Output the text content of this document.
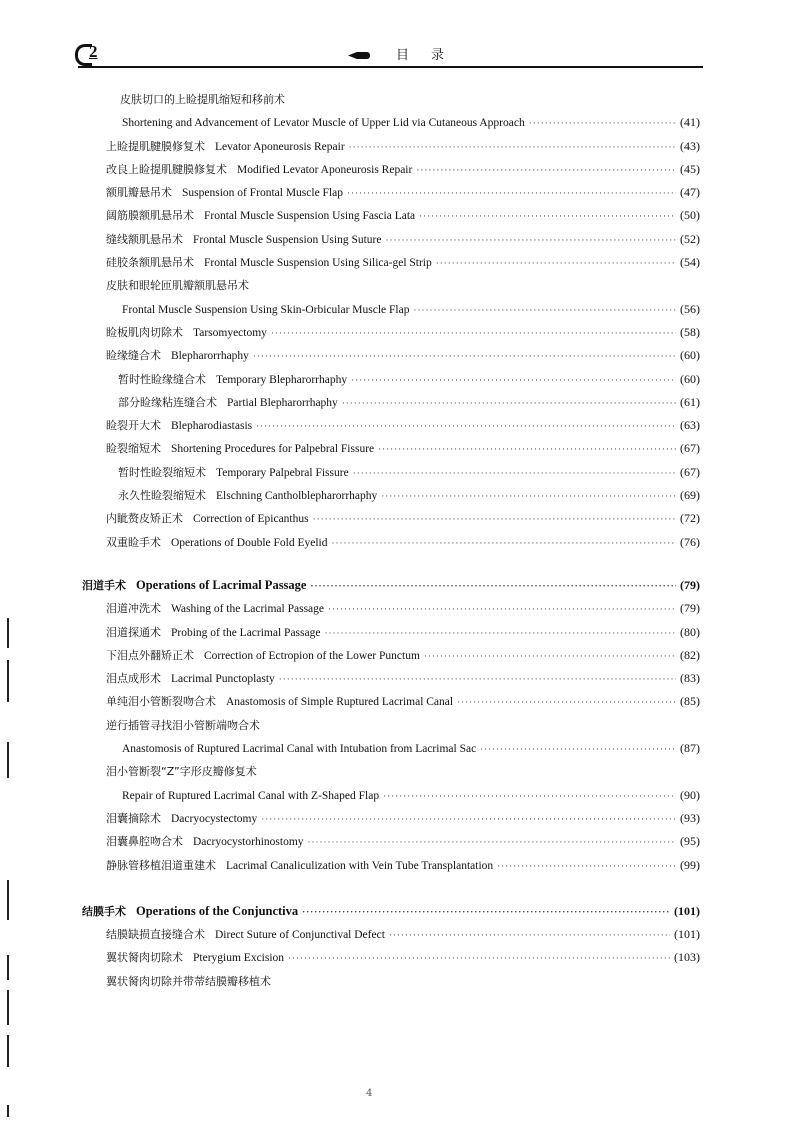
2	目录
皮肤切口的上睑提肌缩短和移前术
Shortening and Advancement of Levator Muscle of Upper Lid via Cutaneous Approach ·····	(41)
上睑提肌腱膜修复术 Levator Aponeurosis Repair ·····	(43)
改良上睑提肌腱膜修复术 Modified Levator Aponeurosis Repair ·····	(45)
额肌瓣悬吊术 Suspension of Frontal Muscle Flap ·····	(47)
阔筋膜额肌悬吊术 Frontal Muscle Suspension Using Fascia Lata ·····	(50)
缝线额肌悬吊术 Frontal Muscle Suspension Using Suture ·····	(52)
硅胶条额肌悬吊术 Frontal Muscle Suspension Using Silica-gel Strip ·····	(54)
皮肤和眼轮匝肌瓣额肌悬吊术
Frontal Muscle Suspension Using Skin-Orbicular Muscle Flap ·····	(56)
睑板肌肉切除术 Tarsomyectomy ·····	(58)
睑缘缝合术 Blepharorrhaphy ·····	(60)
暂时性睑缘缝合术 Temporary Blepharorrhaphy ·····	(60)
部分睑缘粘连缝合术 Partial Blepharorrhaphy ·····	(61)
睑裂开大术 Blepharodiastasis ·····	(63)
睑裂缩短术 Shortening Procedures for Palpebral Fissure ·····	(67)
暂时性睑裂缩短术 Temporary Palpebral Fissure ·····	(67)
永久性睑裂缩短术 Elschning Cantholblepharorrhaphy ·····	(69)
内眦赘皮矫正术 Correction of Epicanthus ·····	(72)
双重睑手术 Operations of Double Fold Eyelid ·····	(76)
泪道手术 Operations of Lacrimal Passage ·····	(79)
泪道冲洗术 Washing of the Lacrimal Passage ·····	(79)
泪道探通术 Probing of the Lacrimal Passage ·····	(80)
下泪点外翻矫正术 Correction of Ectropion of the Lower Punctum ·····	(82)
泪点成形术 Lacrimal Punctoplasty ·····	(83)
单纯泪小管断裂吻合术 Anastomosis of Simple Ruptured Lacrimal Canal ·····	(85)
逆行插管寻找泪小管断端吻合术
Anastomosis of Ruptured Lacrimal Canal with Intubation from Lacrimal Sac ·····	(87)
泪小管断裂“Z”字形皮瓣修复术
Repair of Ruptured Lacrimal Canal with Z-Shaped Flap ·····	(90)
泪囊摘除术 Dacryocystectomy ·····	(93)
泪囊鼻腔吻合术 Dacryocystorhinostomy ·····	(95)
静脉管移植泪道重建术 Lacrimal Canaliculization with Vein Tube Transplantation ·····	(99)
结膜手术 Operations of the Conjunctiva ·····	(101)
结膜缺损直接缝合术 Direct Suture of Conjunctival Defect ·····	(101)
翼状胬肉切除术 Pterygium Excision ·····	(103)
翼状胬肉切除并带蒂结膜瓣移植术
4
